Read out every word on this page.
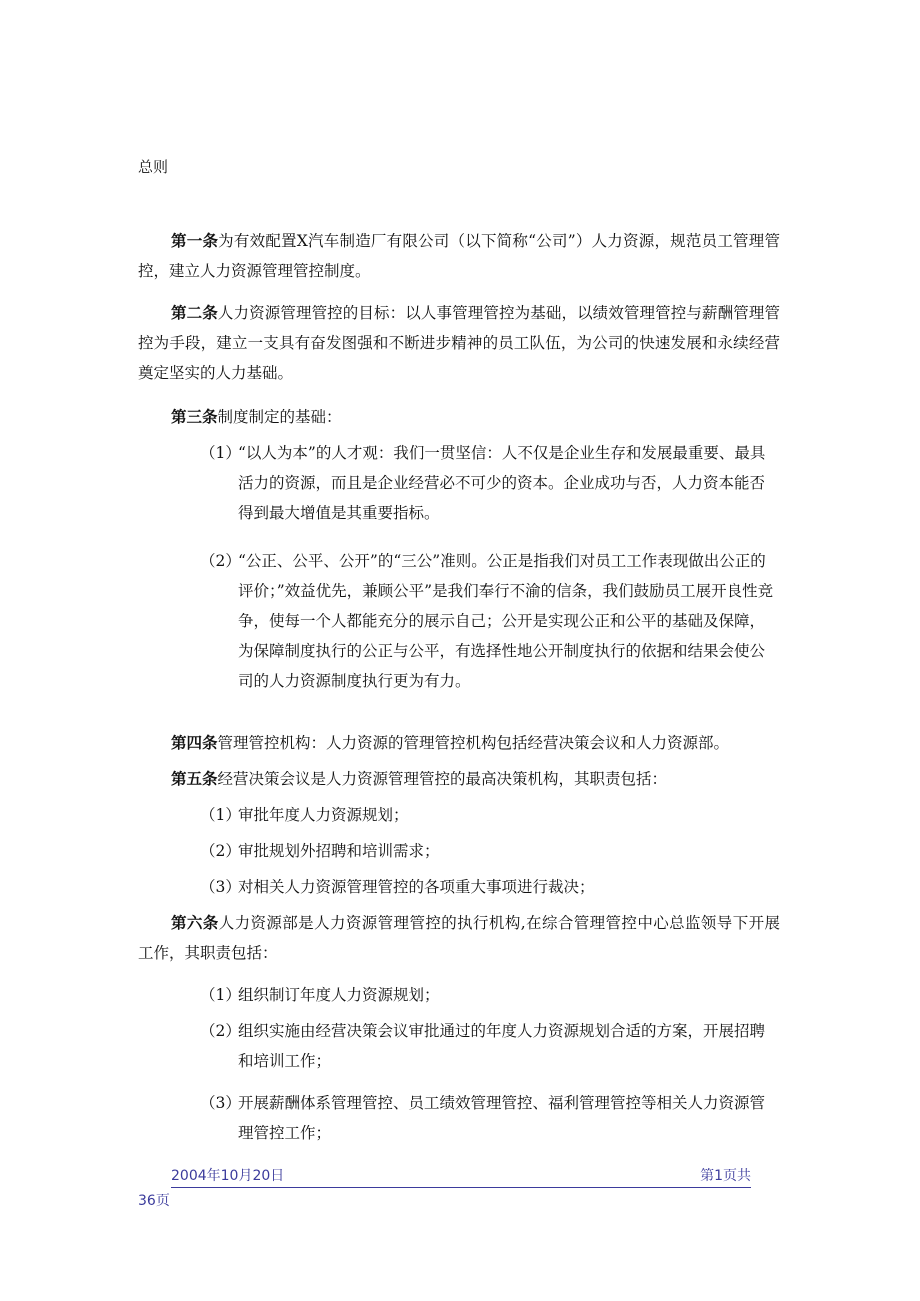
总则

第一条为有效配置X汽车制造厂有限公司（以下简称“公司”）人力资源，规范员工管理管控，建立人力资源管理管控制度。

第二条人力资源管理管控的目标：以人事管理管控为基础，以绩效管理管控与薪酬管理管控为手段，建立一支具有奋发图强和不断进步精神的员工队伍，为公司的快速发展和永续经营奠定坚实的人力基础。

第三条制度制定的基础：

（1）
“以人为本”的人才观：我们一贯坚信：人不仅是企业生存和发展最重要、最具活力的资源，而且是企业经营必不可少的资本。企业成功与否，人力资本能否得到最大增值是其重要指标。
（2）
“公正、公平、公开”的“三公”准则。公正是指我们对员工工作表现做出公正的评价；”效益优先，兼顾公平”是我们奉行不渝的信条，我们鼓励员工展开良性竞争，使每一个人都能充分的展示自己；公开是实现公正和公平的基础及保障，为保障制度执行的公正与公平，有选择性地公开制度执行的依据和结果会使公司的人力资源制度执行更为有力。

第四条管理管控机构：人力资源的管理管控机构包括经营决策会议和人力资源部。

第五条经营决策会议是人力资源管理管控的最高决策机构，其职责包括：

（1）
审批年度人力资源规划；
（2）
审批规划外招聘和培训需求；
（3）
对相关人力资源管理管控的各项重大事项进行裁决；

第六条人力资源部是人力资源管理管控的执行机构,在综合管理管控中心总监领导下开展工作，其职责包括：

（1）
组织制订年度人力资源规划；
（2）
组织实施由经营决策会议审批通过的年度人力资源规划合适的方案，开展招聘和培训工作；
（3）
开展薪酬体系管理管控、员工绩效管理管控、福利管理管控等相关人力资源管理管控工作；
2004年10月20日	第1页共
36页
